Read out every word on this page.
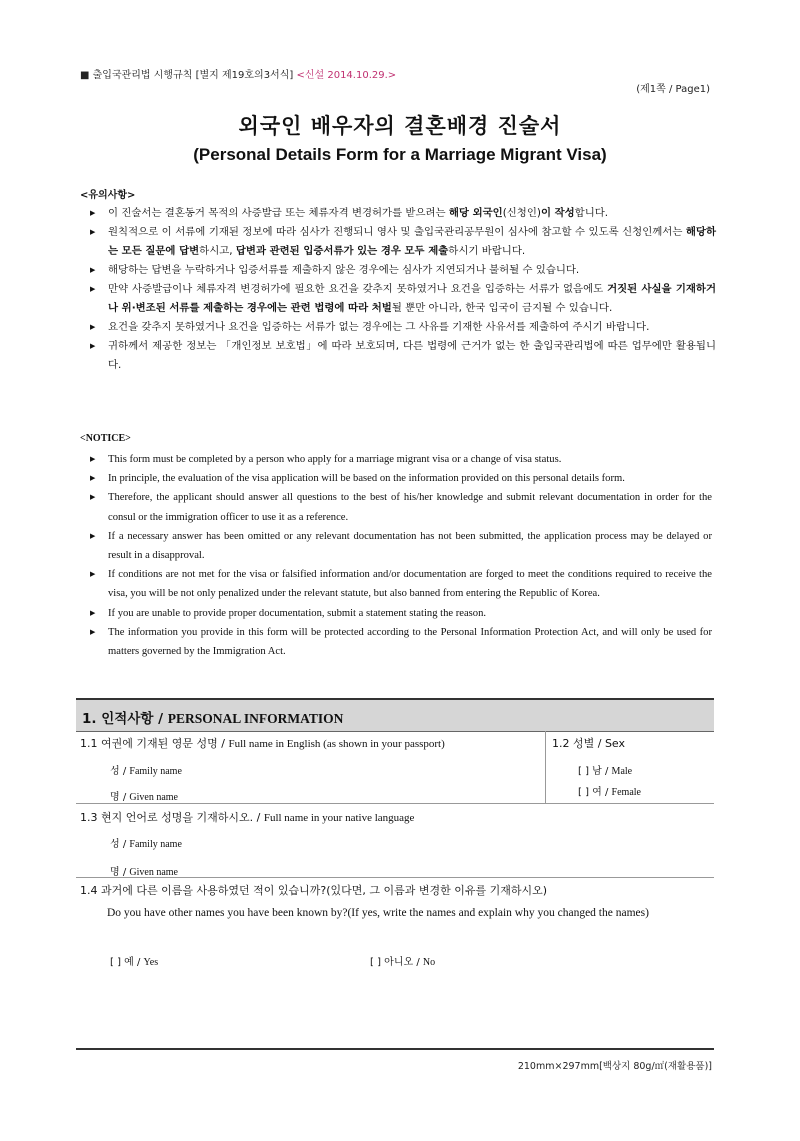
■ 출입국관리법 시행규칙 [별지 제19호의3서식] <신설 2014.10.29.>
(제1쪽 / Page1)
외국인 배우자의 결혼배경 진술서
(Personal Details Form for a Marriage Migrant Visa)
<유의사항>
▶ 이 진술서는 결혼동거 목적의 사증발급 또는 체류자격 변경허가를 받으려는 해당 외국인(신청인)이 작성합니다.
▶ 원칙적으로 이 서류에 기재된 정보에 따라 심사가 진행되니 영사 및 출입국관리공무원이 심사에 참고할 수 있도록 신청인께서는 해당하는 모든 질문에 답변하시고, 답변과 관련된 입증서류가 있는 경우 모두 제출하시기 바랍니다.
▶ 해당하는 답변을 누락하거나 입증서류를 제출하지 않은 경우에는 심사가 지연되거나 불허될 수 있습니다.
▶ 만약 사증발급이나 체류자격 변경허가에 필요한 요건을 갖추지 못하였거나 요건을 입증하는 서류가 없음에도 거짓된 사실을 기재하거나 위·변조된 서류를 제출하는 경우에는 관련 법령에 따라 처벌될 뿐만 아니라, 한국 입국이 금지될 수 있습니다.
▶ 요건을 갖추지 못하였거나 요건을 입증하는 서류가 없는 경우에는 그 사유를 기재한 사유서를 제출하여 주시기 바랍니다.
▶ 귀하께서 제공한 정보는 「개인정보 보호법」에 따라 보호되며, 다른 법령에 근거가 없는 한 출입국관리법에 따른 업무에만 활용됩니다.
<NOTICE>
▶ This form must be completed by a person who apply for a marriage migrant visa or a change of visa status.
▶ In principle, the evaluation of the visa application will be based on the information provided on this personal details form.
▶ Therefore, the applicant should answer all questions to the best of his/her knowledge and submit relevant documentation in order for the consul or the immigration officer to use it as a reference.
▶ If a necessary answer has been omitted or any relevant documentation has not been submitted, the application process may be delayed or result in a disapproval.
▶ If conditions are not met for the visa or falsified information and/or documentation are forged to meet the conditions required to receive the visa, you will be not only penalized under the relevant statute, but also banned from entering the Republic of Korea.
▶ If you are unable to provide proper documentation, submit a statement stating the reason.
▶ The information you provide in this form will be protected according to the Personal Information Protection Act, and will only be used for matters governed by the Immigration Act.
1. 인적사항 / PERSONAL INFORMATION
1.1 여권에 기재된 영문 성명 / Full name in English (as shown in your passport)
성 / Family name
명 / Given name
1.2 성별 / Sex
[ ] 남 / Male
[ ] 여 / Female
1.3 현지 언어로 성명을 기재하시오. / Full name in your native language
성 / Family name
명 / Given name
1.4 과거에 다른 이름을 사용하였던 적이 있습니까?(있다면, 그 이름과 변경한 이유를 기재하시오)
Do you have other names you have been known by?(If yes, write the names and explain why you changed the names)
[ ] 예 / Yes	[ ] 아니오 / No
210mm×297mm[백상지 80g/㎡(재활용품)]
